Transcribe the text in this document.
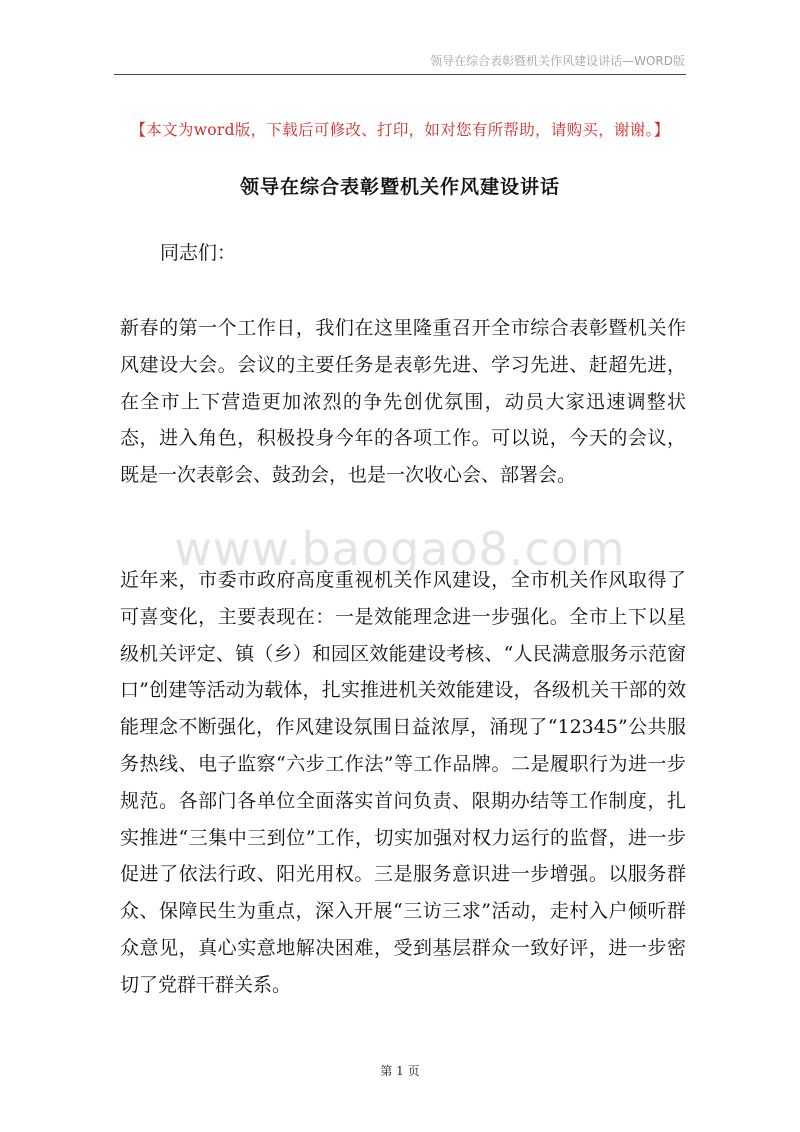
领导在综合表彰暨机关作风建设讲话—WORD版
【本文为word版，下载后可修改、打印，如对您有所帮助，请购买，谢谢。】
领导在综合表彰暨机关作风建设讲话
同志们：

新春的第一个工作日，我们在这里隆重召开全市综合表彰暨机关作风建设大会。会议的主要任务是表彰先进、学习先进、赶超先进，在全市上下营造更加浓烈的争先创优氛围，动员大家迅速调整状态，进入角色，积极投身今年的各项工作。可以说，今天的会议，既是一次表彰会、鼓劲会，也是一次收心会、部署会。

www.baogao8.com

近年来，市委市政府高度重视机关作风建设，全市机关作风取得了可喜变化，主要表现在：一是效能理念进一步强化。全市上下以星级机关评定、镇（乡）和园区效能建设考核、“人民满意服务示范窗口”创建等活动为载体，扎实推进机关效能建设，各级机关干部的效能理念不断强化，作风建设氛围日益浓厚，涌现了“12345”公共服务热线、电子监察“六步工作法”等工作品牌。二是履职行为进一步规范。各部门各单位全面落实首问负责、限期办结等工作制度，扎实推进“三集中三到位”工作，切实加强对权力运行的监督，进一步促进了依法行政、阳光用权。三是服务意识进一步增强。以服务群众、保障民生为重点，深入开展“三访三求”活动，走村入户倾听群众意见，真心实意地解决困难，受到基层群众一致好评，进一步密切了党群干群关系。

第 1 页
